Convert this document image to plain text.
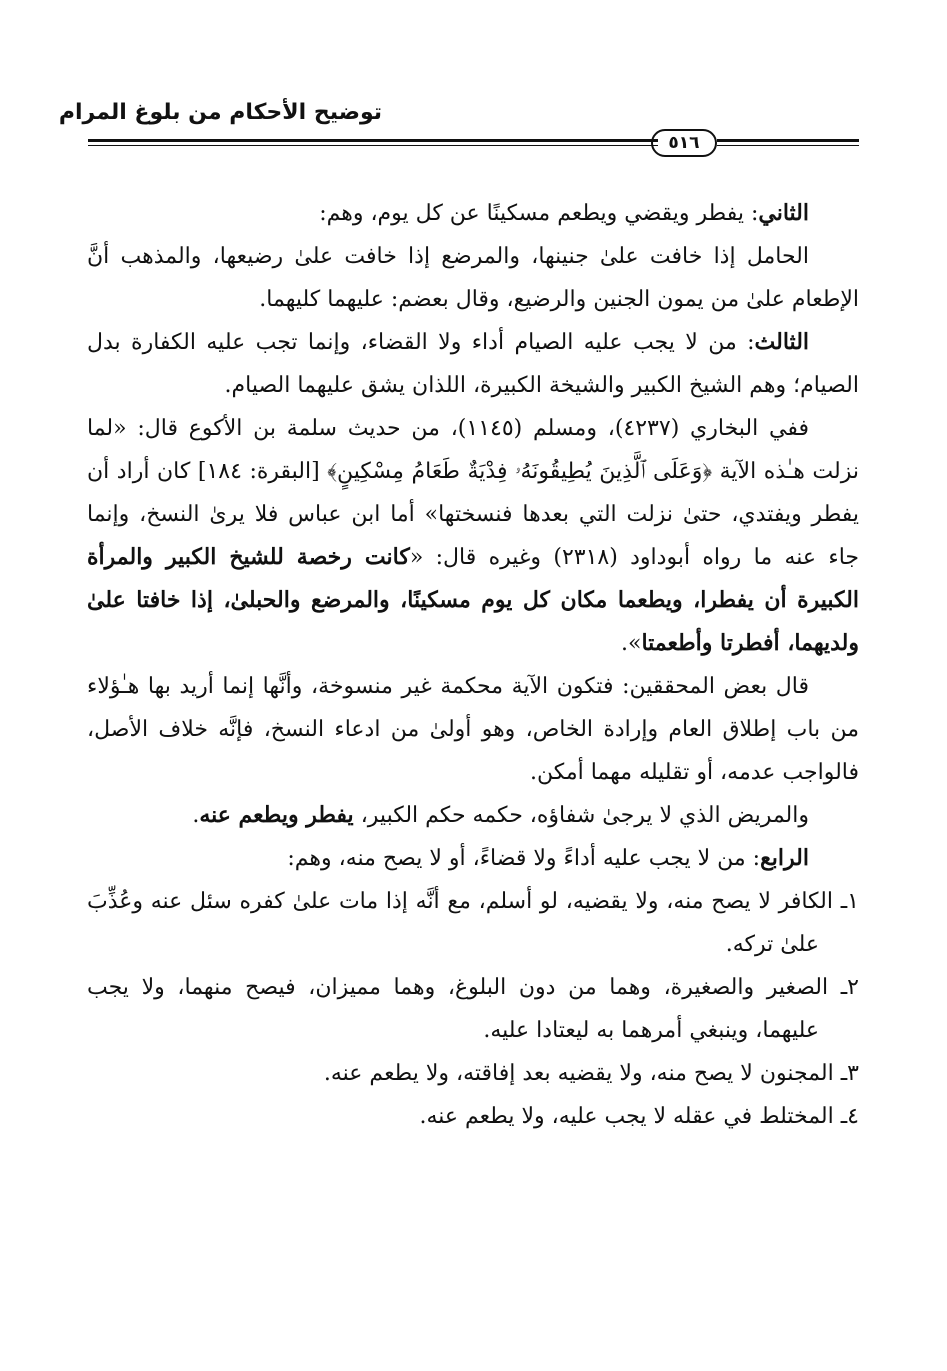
توضيح الأحكام من بلوغ المرام
٥١٦

الثاني: يفطر ويقضي ويطعم مسكينًا عن كل يوم، وهم:

الحامل إذا خافت علىٰ جنينها، والمرضع إذا خافت علىٰ رضيعها، والمذهب أنَّ الإطعام علىٰ من يمون الجنين والرضيع، وقال بعضم: عليهما كليهما.

الثالث: من لا يجب عليه الصيام أداء ولا القضاء، وإنما تجب عليه الكفارة بدل الصيام؛ وهم الشيخ الكبير والشيخة الكبيرة، اللذان يشق عليهما الصيام.

ففي البخاري (٤٢٣٧)، ومسلم (١١٤٥)، من حديث سلمة بن الأكوع قال: «لما نزلت هـٰذه الآية ﴿وَعَلَى ٱلَّذِينَ يُطِيقُونَهُۥ فِدْيَةٌ طَعَامُ مِسْكِينٍ﴾ [البقرة: ١٨٤] كان أراد أن يفطر ويفتدي، حتىٰ نزلت التي بعدها فنسختها» أما ابن عباس فلا يرىٰ النسخ، وإنما جاء عنه ما رواه أبوداود (٢٣١٨) وغيره قال: «كانت رخصة للشيخ الكبير والمرأة الكبيرة أن يفطرا، ويطعما مكان كل يوم مسكينًا، والمرضع والحبلىٰ، إذا خافتا علىٰ ولديهما، أفطرتا وأطعمتا».

قال بعض المحققين: فتكون الآية محكمة غير منسوخة، وأنَّها إنما أريد بها هـٰؤلاء من باب إطلاق العام وإرادة الخاص، وهو أولىٰ من ادعاء النسخ، فإنَّه خلاف الأصل، فالواجب عدمه، أو تقليله مهما أمكن.

والمريض الذي لا يرجىٰ شفاؤه، حكمه حكم الكبير، يفطر ويطعم عنه.

الرابع: من لا يجب عليه أداءً ولا قضاءً، أو لا يصح منه، وهم:

١ـ الكافر لا يصح منه، ولا يقضيه، لو أسلم، مع أنَّه إذا مات علىٰ كفره سئل عنه وعُذِّبَ علىٰ تركه.

٢ـ الصغير والصغيرة، وهما من دون البلوغ، وهما مميزان، فيصح منهما، ولا يجب عليهما، وينبغي أمرهما به ليعتادا عليه.

٣ـ المجنون لا يصح منه، ولا يقضيه بعد إفاقته، ولا يطعم عنه.

٤ـ المختلط في عقله لا يجب عليه، ولا يطعم عنه.
